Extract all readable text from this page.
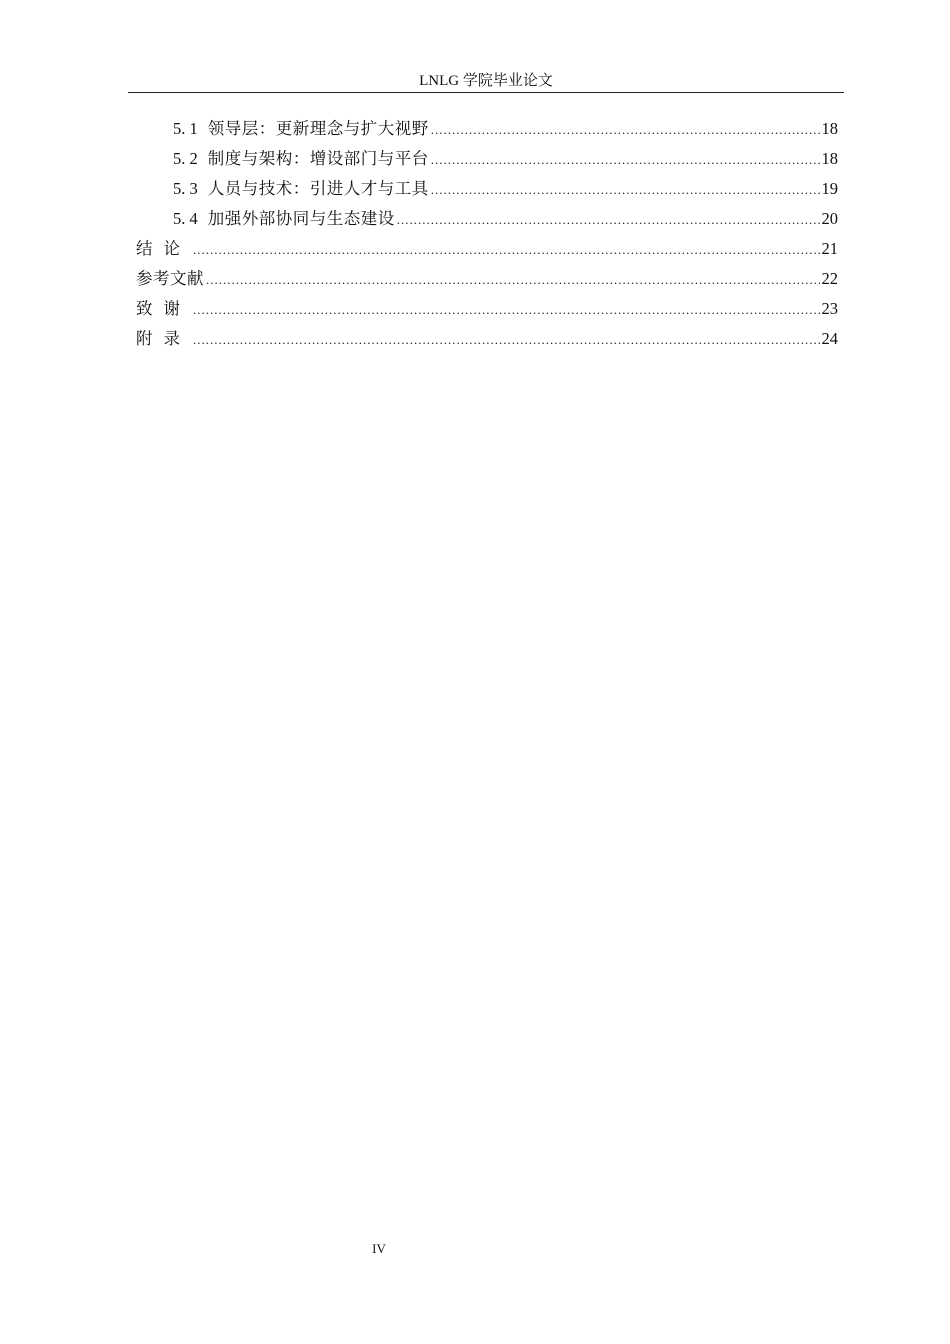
LNLG 学院毕业论文
5. 1 领导层：更新理念与扩大视野 .....	18
5. 2 制度与架构：增设部门与平台 .....	18
5. 3 人员与技术：引进人才与工具 .....	19
5. 4 加强外部协同与生态建设 .....	20
结论 .....	21
参考文献 .....	22
致谢 .....	23
附录 .....	24
IV
